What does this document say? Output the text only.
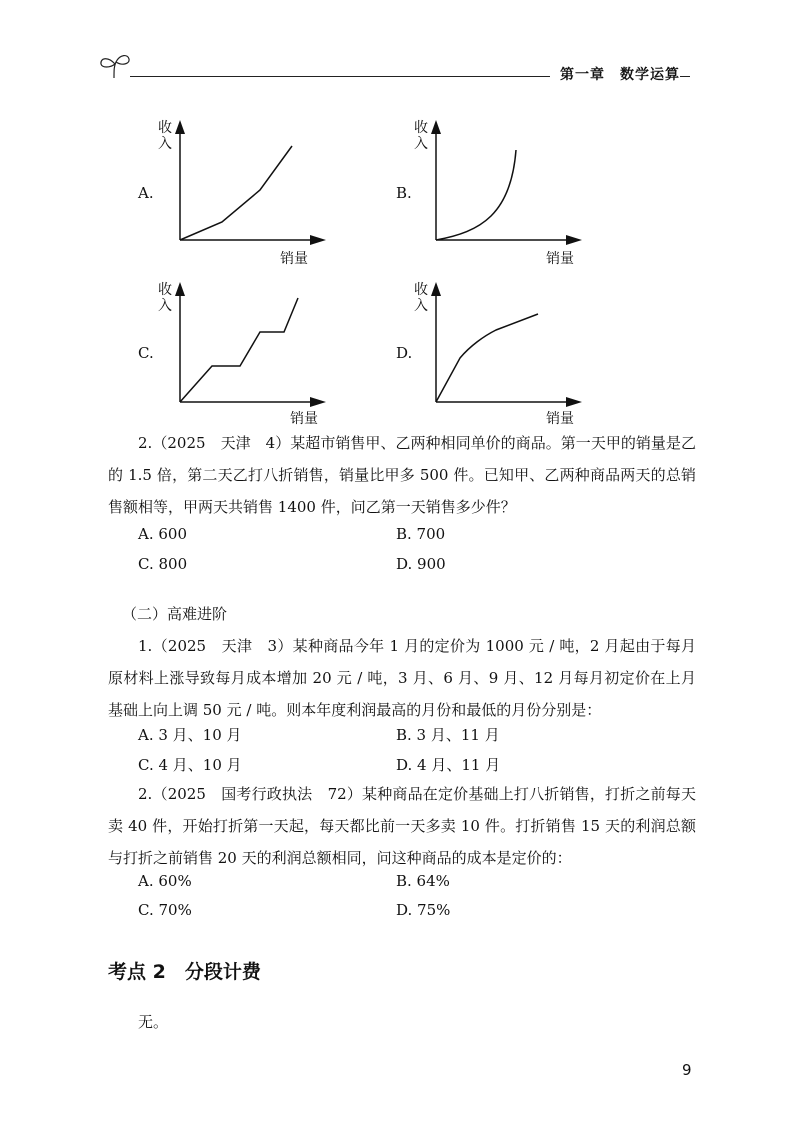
第一章　数学运算
A.
收
入
销量
B.
收
入
销量
C.
收
入
销量
D.
收
入
销量
2.（2025　天津　4）某超市销售甲、乙两种相同单价的商品。第一天甲的销量是乙的 1.5 倍，第二天乙打八折销售，销量比甲多 500 件。已知甲、乙两种商品两天的总销售额相等，甲两天共销售 1400 件，问乙第一天销售多少件？
A. 600	B. 700
C. 800	D. 900
（二）高难进阶
1.（2025　天津　3）某种商品今年 1 月的定价为 1000 元 / 吨，2 月起由于每月原材料上涨导致每月成本增加 20 元 / 吨，3 月、6 月、9 月、12 月每月初定价在上月基础上向上调 50 元 / 吨。则本年度利润最高的月份和最低的月份分别是：
A. 3 月、10 月	B. 3 月、11 月
C. 4 月、10 月	D. 4 月、11 月
2.（2025　国考行政执法　72）某种商品在定价基础上打八折销售，打折之前每天卖 40 件，开始打折第一天起，每天都比前一天多卖 10 件。打折销售 15 天的利润总额与打折之前销售 20 天的利润总额相同，问这种商品的成本是定价的：
A. 60%	B. 64%
C. 70%	D. 75%
考点 2　分段计费
无。
9
